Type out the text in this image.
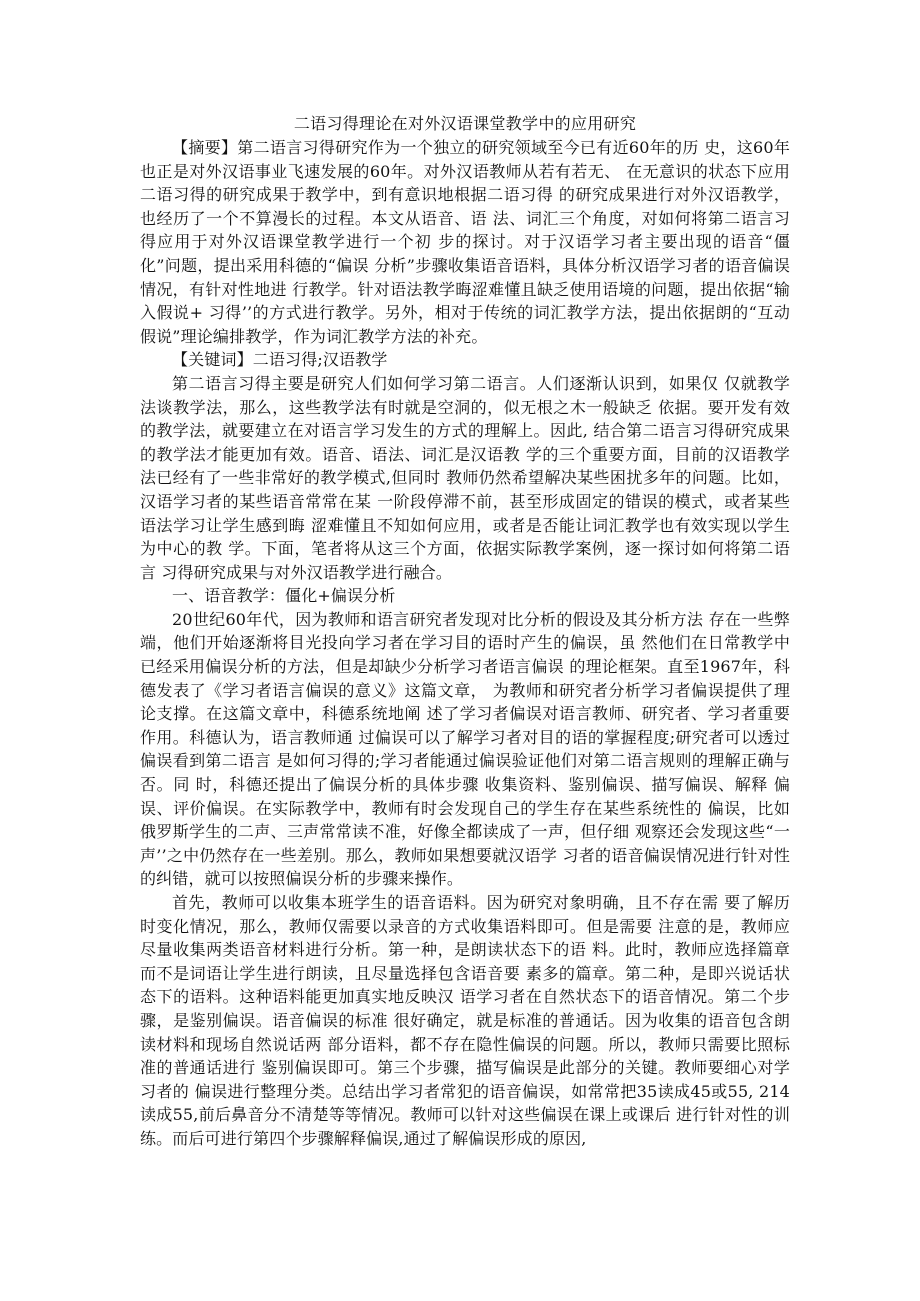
二语习得理论在对外汉语课堂教学中的应用研究

【摘要】第二语言习得研究作为一个独立的研究领域至今已有近60年的历 史，这60年也正是对外汉语事业飞速发展的60年。对外汉语教师从若有若无、 在无意识的状态下应用二语习得的研究成果于教学中，到有意识地根据二语习得 的研究成果进行对外汉语教学，也经历了一个不算漫长的过程。本文从语音、语 法、词汇三个角度，对如何将第二语言习得应用于对外汉语课堂教学进行一个初 步的探讨。对于汉语学习者主要出现的语音“僵化”问题，提出采用科德的“偏误 分析”步骤收集语音语料，具体分析汉语学习者的语音偏误情况，有针对性地进 行教学。针对语法教学晦涩难懂且缺乏使用语境的问题，提出依据“输入假说+ 习得’’的方式进行教学。另外，相对于传统的词汇教学方法，提出依据朗的“互动 假说”理论编排教学，作为词汇教学方法的补充。

【关键词】二语习得;汉语教学

第二语言习得主要是研究人们如何学习第二语言。人们逐渐认识到，如果仅 仅就教学法谈教学法，那么，这些教学法有时就是空洞的，似无根之木一般缺乏 依据。要开发有效的教学法，就要建立在对语言学习发生的方式的理解上。因此, 结合第二语言习得研究成果的教学法才能更加有效。语音、语法、词汇是汉语教 学的三个重要方面，目前的汉语教学法已经有了一些非常好的教学模式,但同时 教师仍然希望解决某些困扰多年的问题。比如，汉语学习者的某些语音常常在某 一阶段停滞不前，甚至形成固定的错误的模式，或者某些语法学习让学生感到晦 涩难懂且不知如何应用，或者是否能让词汇教学也有效实现以学生为中心的教 学。下面，笔者将从这三个方面，依据实际教学案例，逐一探讨如何将第二语言 习得研究成果与对外汉语教学进行融合。

一、语音教学：僵化+偏误分析

20世纪60年代，因为教师和语言研究者发现对比分析的假设及其分析方法 存在一些弊端，他们开始逐渐将目光投向学习者在学习目的语时产生的偏误，虽 然他们在日常教学中已经采用偏误分析的方法，但是却缺少分析学习者语言偏误 的理论框架。直至1967年，科德发表了《学习者语言偏误的意义》这篇文章， 为教师和研究者分析学习者偏误提供了理论支撑。在这篇文章中，科德系统地阐 述了学习者偏误对语言教师、研究者、学习者重要作用。科德认为，语言教师通 过偏误可以了解学习者对目的语的掌握程度;研究者可以透过偏误看到第二语言 是如何习得的;学习者能通过偏误验证他们对第二语言规则的理解正确与否。同 时，科德还提出了偏误分析的具体步骤 收集资料、鉴别偏误、描写偏误、解释 偏误、评价偏误。在实际教学中，教师有时会发现自己的学生存在某些系统性的 偏误，比如俄罗斯学生的二声、三声常常读不准，好像全都读成了一声，但仔细 观察还会发现这些“一声’’之中仍然存在一些差别。那么，教师如果想要就汉语学 习者的语音偏误情况进行针对性的纠错，就可以按照偏误分析的步骤来操作。

首先，教师可以收集本班学生的语音语料。因为研究对象明确，且不存在需 要了解历时变化情况，那么，教师仅需要以录音的方式收集语料即可。但是需要 注意的是，教师应尽量收集两类语音材料进行分析。第一种，是朗读状态下的语 料。此时，教师应选择篇章而不是词语让学生进行朗读，且尽量选择包含语音要 素多的篇章。第二种，是即兴说话状态下的语料。这种语料能更加真实地反映汉 语学习者在自然状态下的语音情况。第二个步骤，是鉴别偏误。语音偏误的标准 很好确定，就是标准的普通话。因为收集的语音包含朗读材料和现场自然说话两 部分语料，都不存在隐性偏误的问题。所以，教师只需要比照标准的普通话进行 鉴别偏误即可。第三个步骤，描写偏误是此部分的关键。教师要细心对学习者的 偏误进行整理分类。总结出学习者常犯的语音偏误，如常常把35读成45或55, 214读成55,前后鼻音分不清楚等等情况。教师可以针对这些偏误在课上或课后 进行针对性的训练。而后可进行第四个步骤解释偏误,通过了解偏误形成的原因,
